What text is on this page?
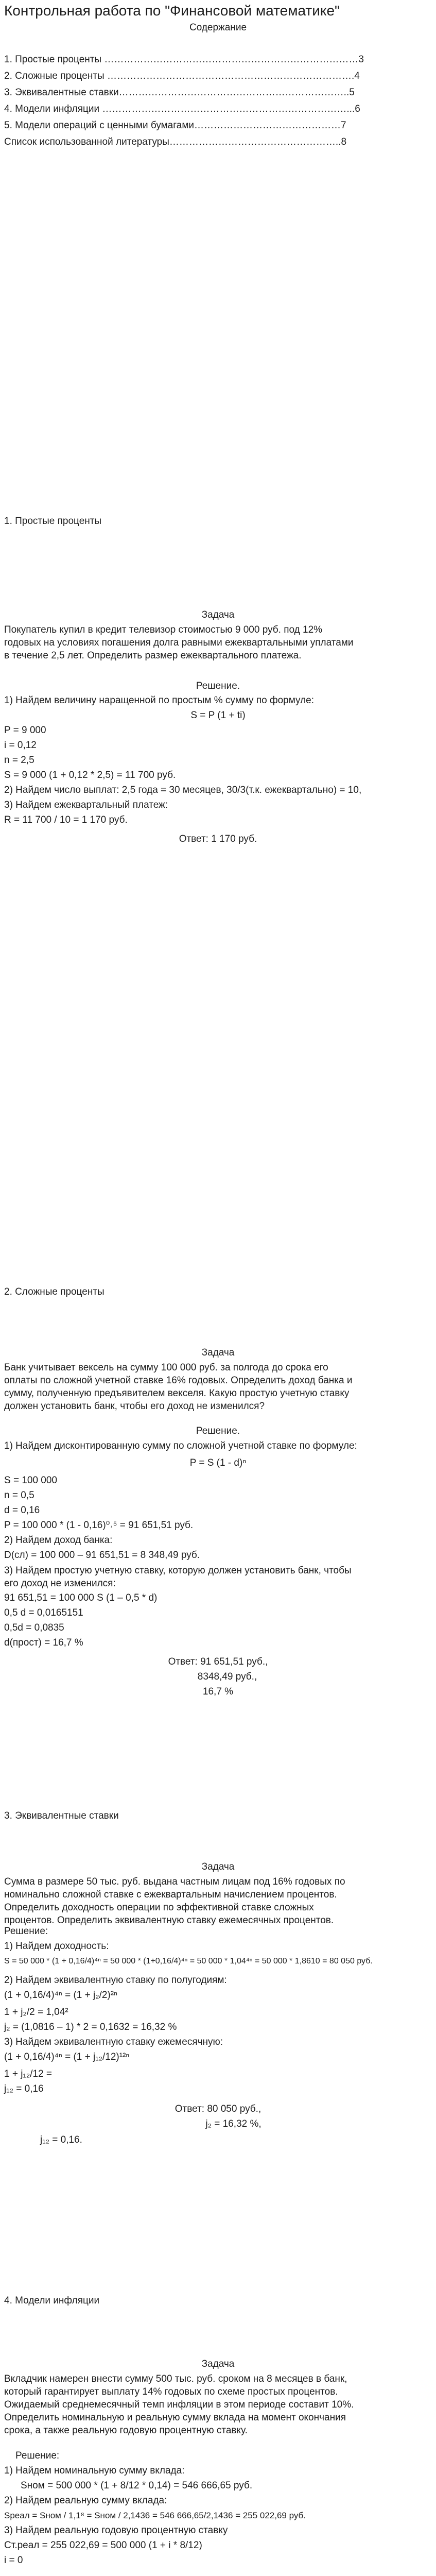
Контрольная работа по "Финансовой математике"
Содержание
1. Простые проценты ……………………………………………………………………3
2. Сложные проценты ………………………………………………………………….4
3. Эквивалентные ставки……………………………………………………………..5
4. Модели инфляции …………………………………………………………………...6
5. Модели операций с ценными бумагами………………………………………7
Список использованной литературы……………………………………………..8
1. Простые проценты
Задача
Покупатель купил в кредит телевизор стоимостью 9 000 руб. под 12% годовых на условиях погашения долга равными ежеквартальными уплатами в течение 2,5 лет. Определить размер ежеквартального платежа.
Решение.
1) Найдем величину наращенной по простым % сумму по формуле:
S = P (1 + ti)
P = 9 000
i = 0,12
n = 2,5
S = 9 000 (1 + 0,12 * 2,5) = 11 700 руб.
2) Найдем число выплат: 2,5 года = 30 месяцев, 30/3(т.к. ежеквартально) = 10,
3) Найдем ежеквартальный платеж:
R = 11 700 / 10 = 1 170 руб.
Ответ: 1 170 руб.
2. Сложные проценты
Задача
Банк учитывает вексель на сумму 100 000 руб. за полгода до срока его оплаты по сложной учетной ставке 16% годовых. Определить доход банка и сумму, полученную предъявителем векселя. Какую простую учетную ставку должен установить банк, чтобы его доход не изменился?
Решение.
1) Найдем дисконтированную сумму по сложной учетной ставке по формуле:
P = S (1 - d)ⁿ
S = 100 000
n = 0,5
d = 0,16
P = 100 000 * (1 - 0,16)⁰˒⁵ = 91 651,51 руб.
2) Найдем доход банка:
D(сл) = 100 000 – 91 651,51 = 8 348,49 руб.
3) Найдем простую учетную ставку, которую должен установить банк, чтобы его доход не изменился:
91 651,51 = 100 000 Ѕ (1 – 0,5 * d)
0,5 d = 0,0165151
0,5d = 0,0835
d(прост) = 16,7 %
Ответ: 91 651,51 руб.,
8348,49 руб.,
16,7 %
3. Эквивалентные ставки
Задача
Сумма в размере 50 тыс. руб. выдана частным лицам под 16% годовых по номинально сложной ставке с ежеквартальным начислением процентов. Определить доходность операции по эффективной ставке сложных процентов. Определить эквивалентную ставку ежемесячных процентов.
Решение:
1) Найдем доходность:
S = 50 000 * (1 + 0,16/4)⁴ⁿ = 50 000 * (1+0,16/4)⁴ⁿ = 50 000 * 1,04⁴ⁿ = 50 000 * 1,8610 = 80 050 руб.
2) Найдем эквивалентную ставку по полугодиям:
(1 + 0,16/4)⁴ⁿ = (1 + j₂/2)²ⁿ
1 + j₂/2 = 1,04²
j₂ = (1,0816 – 1) * 2 = 0,1632 = 16,32 %
3) Найдем эквивалентную ставку ежемесячную:
(1 + 0,16/4)⁴ⁿ = (1 + j₁₂/12)¹²ⁿ
1 + j₁₂/12 =
j₁₂ = 0,16
Ответ: 80 050 руб.,
j₂ = 16,32 %,
j₁₂ = 0,16.
4. Модели инфляции
Задача
Вкладчик намерен внести сумму 500 тыс. руб. сроком на 8 месяцев в банк, который гарантирует выплату 14% годовых по схеме простых процентов. Ожидаемый среднемесячный темп инфляции в этом периоде составит 10%. Определить номинальную и реальную сумму вклада на момент окончания срока, а также реальную годовую процентную ставку.
Решение:
1) Найдем номинальную сумму вклада:
Sном = 500 000 * (1 + 8/12 * 0,14) = 546 666,65 руб.
2) Найдем реальную сумму вклада:
Sреал = Sном / 1,1⁸ = Sном / 2,1436 = 546 666,65/2,1436 = 255 022,69 руб.
3) Найдем реальную годовую процентную ставку
Ст.реал = 255 022,69 = 500 000 (1 + i * 8/12)
i = 0
